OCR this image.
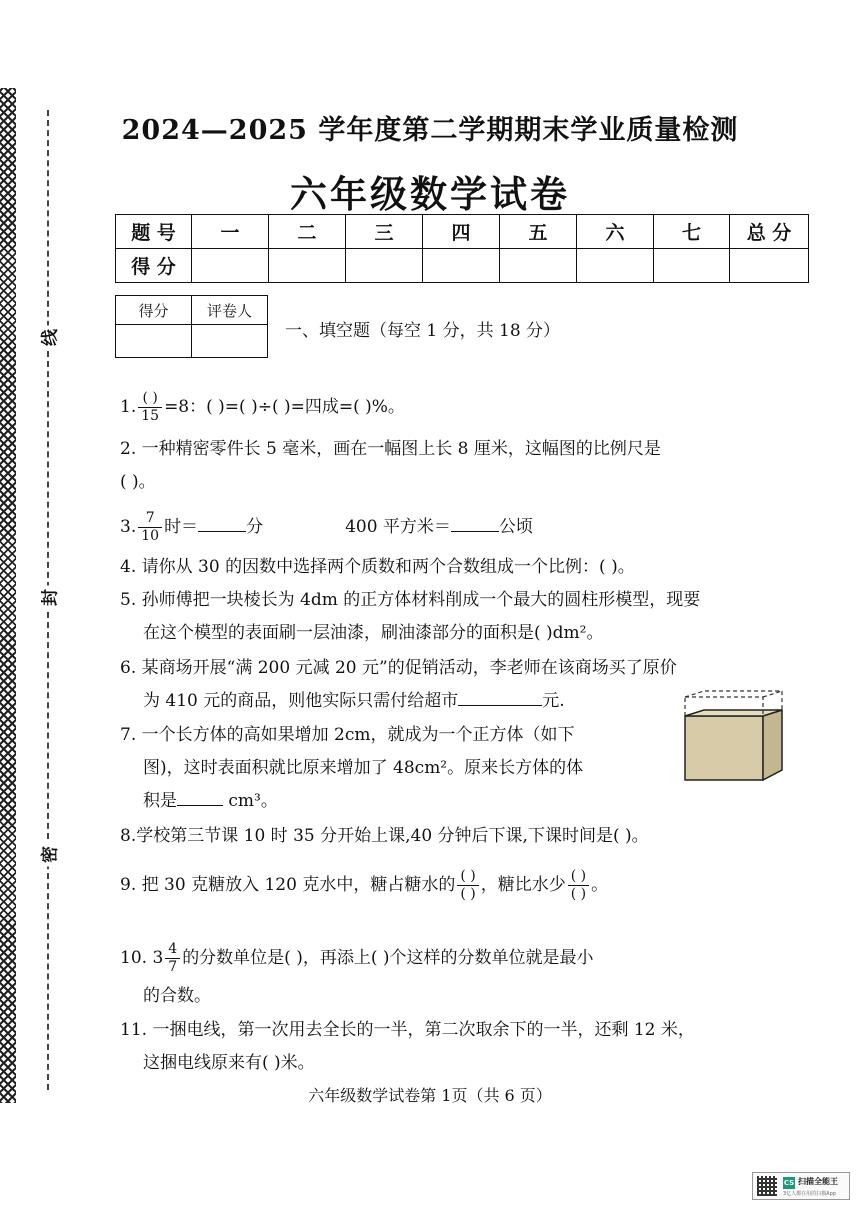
线
封
密
2024—2025 学年度第二学期期末学业质量检测
六年级数学试卷
题 号	一	二	三	四	五	六	七	总 分
得 分								
得分	评卷人

一、填空题（每空 1 分，共 18 分）
1. $\frac{( )}{15} =8$：( )=( )÷( )=四成=( )%。
2. 一种精密零件长 5 毫米，画在一幅图上长 8 厘米，这幅图的比例尺是
( )。
3. $\frac{7}{10}$ 时＝	分	400 平方米＝	公顷
4. 请你从 30 的因数中选择两个质数和两个合数组成一个比例：( )。
5. 孙师傅把一块棱长为 4dm 的正方体材料削成一个最大的圆柱形模型，现要
在这个模型的表面刷一层油漆，刷油漆部分的面积是( )dm²。
6. 某商场开展“满 200 元减 20 元”的促销活动，李老师在该商场买了原价
为 410 元的商品，则他实际只需付给超市	元.
7. 一个长方体的高如果增加 2cm，就成为一个正方体（如下
图)，这时表面积就比原来增加了 48cm²。原来长方体的体
积是	cm³。
8.学校第三节课 10 时 35 分开始上课,40 分钟后下课,下课时间是( )。
9. 把 30 克糖放入 120 克水中，糖占糖水的 $\frac{( )}{( )}$ ，糖比水少 $\frac{( )}{( )}$ 。
10. $3 \frac{4}{7}$ 的分数单位是( )，再添上( )个这样的分数单位就是最小
的合数。
11. 一捆电线，第一次用去全长的一半，第二次取余下的一半，还剩 12 米，
这捆电线原来有( )米。
六年级数学试卷第 1页（共 6 页）
CS 扫描全能王
3亿人都在用的扫描App
